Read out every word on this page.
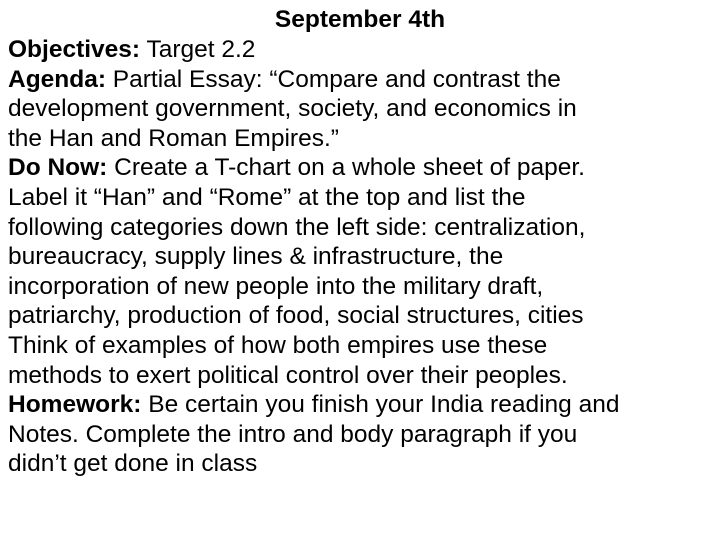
September 4th

Objectives: Target 2.2

Agenda: Partial Essay: “Compare and contrast the
development government, society, and economics in
the Han and Roman Empires.”

Do Now: Create a T-chart on a whole sheet of paper.
Label it “Han” and “Rome” at the top and list the
following categories down the left side: centralization,
bureaucracy, supply lines & infrastructure, the
incorporation of new people into the military draft,
patriarchy, production of food, social structures, cities

Think of examples of how both empires use these
methods to exert political control over their peoples.

Homework: Be certain you finish your India reading and
Notes. Complete the intro and body paragraph if you
didn’t get done in class
